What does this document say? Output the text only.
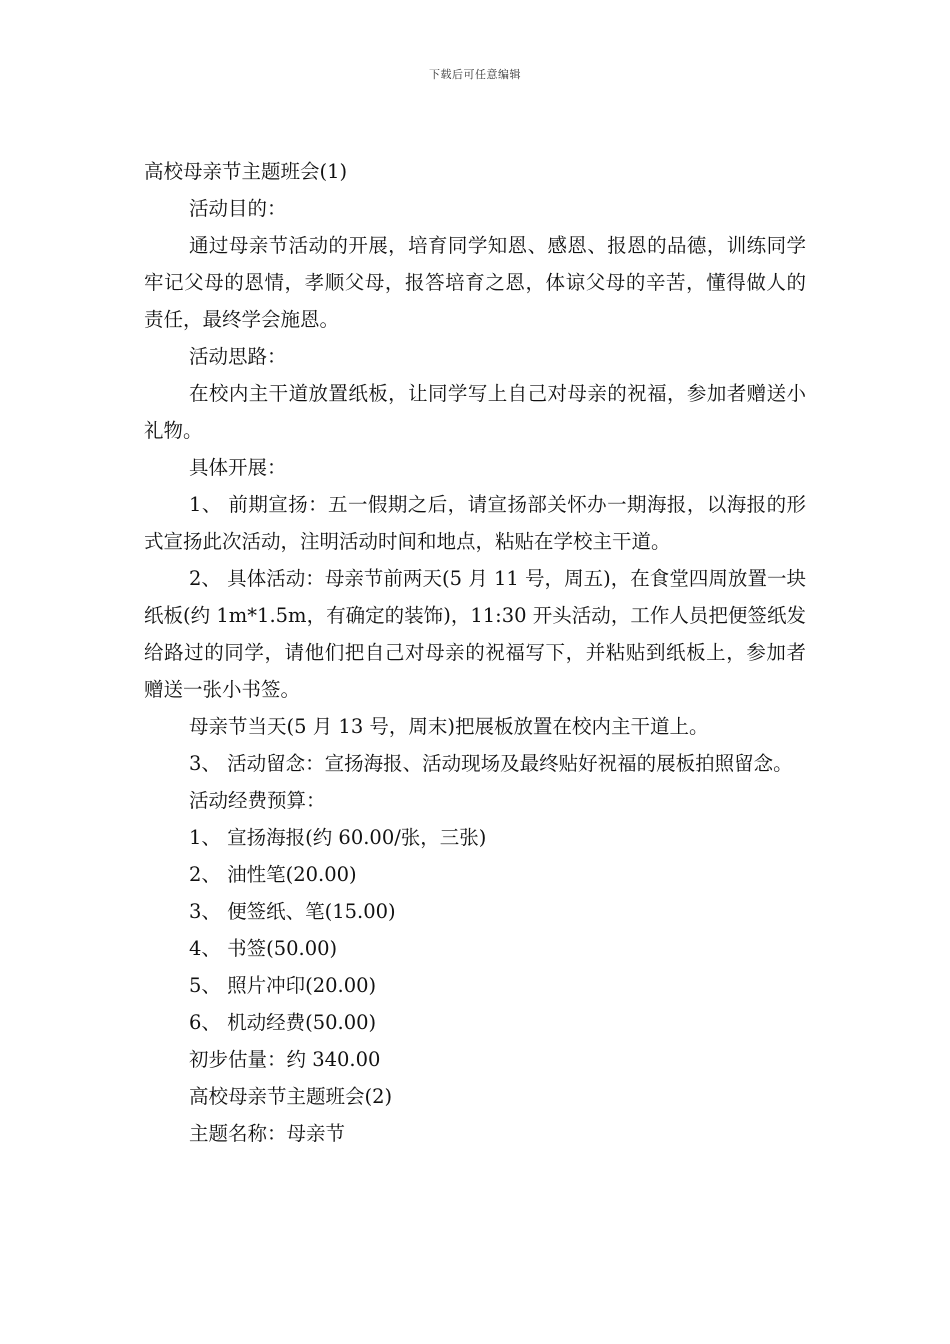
下载后可任意编辑

高校母亲节主题班会(1)

活动目的：

通过母亲节活动的开展，培育同学知恩、感恩、报恩的品德，训练同学牢记父母的恩情，孝顺父母，报答培育之恩，体谅父母的辛苦，懂得做人的责任，最终学会施恩。

活动思路：

在校内主干道放置纸板，让同学写上自己对母亲的祝福，参加者赠送小礼物。

具体开展：

1、 前期宣扬：五一假期之后，请宣扬部关怀办一期海报，以海报的形式宣扬此次活动，注明活动时间和地点，粘贴在学校主干道。

2、 具体活动：母亲节前两天(5 月 11 号，周五)，在食堂四周放置一块纸板(约 1m*1.5m，有确定的装饰)，11:30 开头活动，工作人员把便签纸发给路过的同学，请他们把自己对母亲的祝福写下，并粘贴到纸板上，参加者赠送一张小书签。

母亲节当天(5 月 13 号，周末)把展板放置在校内主干道上。

3、 活动留念：宣扬海报、活动现场及最终贴好祝福的展板拍照留念。

活动经费预算：

1、 宣扬海报(约 60.00/张，三张)

2、 油性笔(20.00)

3、 便签纸、笔(15.00)

4、 书签(50.00)

5、 照片冲印(20.00)

6、 机动经费(50.00)

初步估量：约 340.00

高校母亲节主题班会(2)

主题名称：母亲节
